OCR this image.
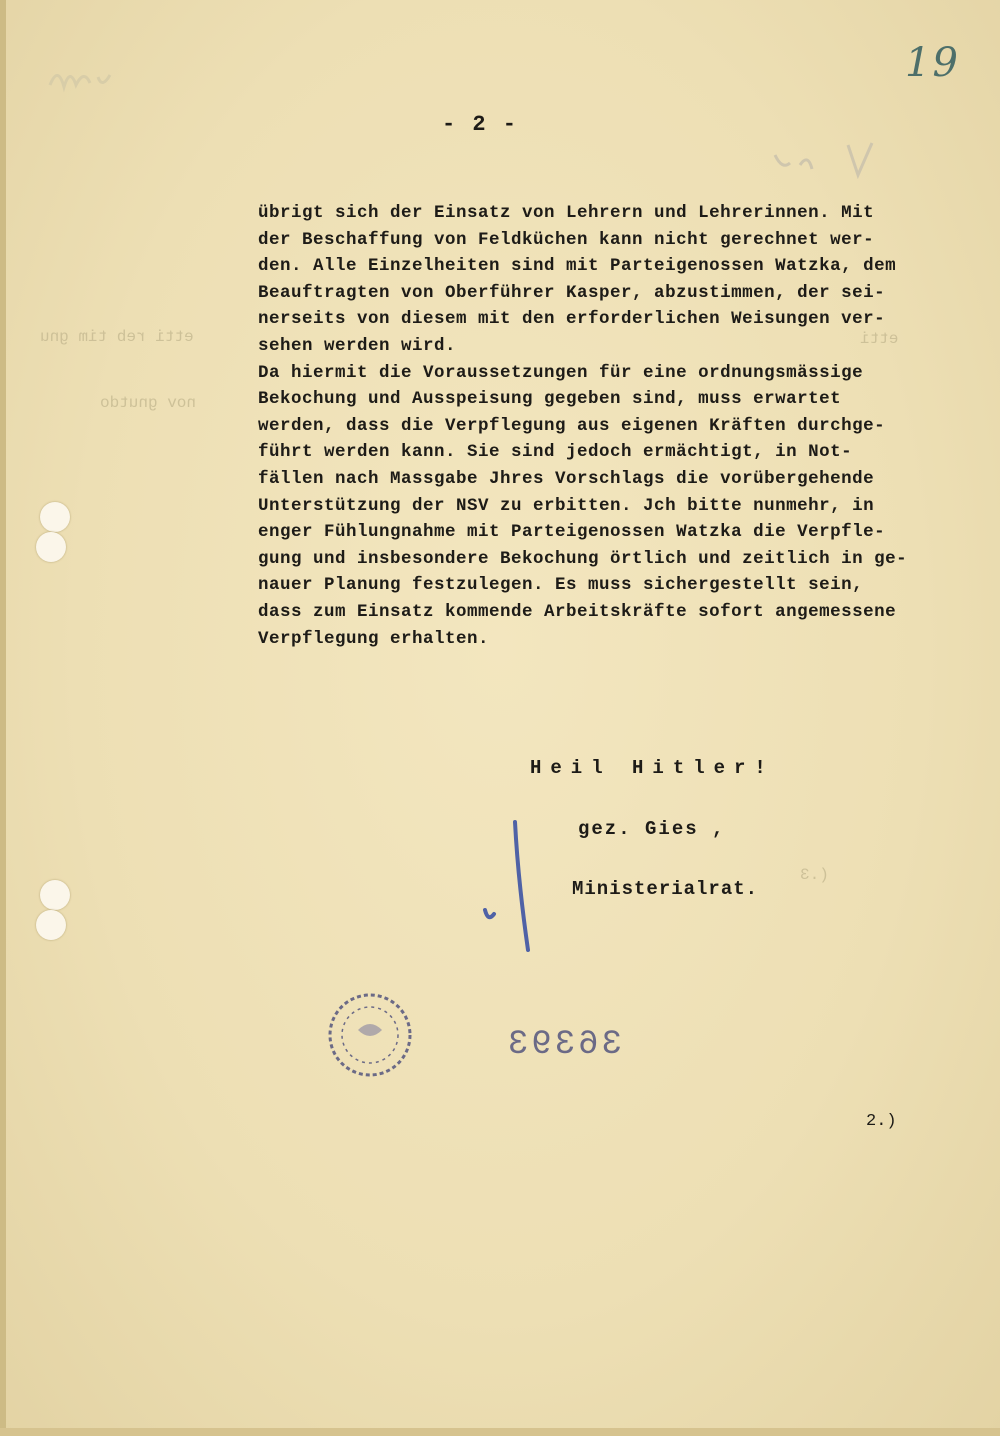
19
- 2 -
etti reb tim gnu	etti
nov gnutdo
übrigt sich der Einsatz von Lehrern und Lehrerinnen. Mit
der Beschaffung von Feldküchen kann nicht gerechnet wer-
den. Alle Einzelheiten sind mit Parteigenossen Watzka, dem
Beauftragten von Oberführer Kasper, abzustimmen, der sei-
nerseits von diesem mit den erforderlichen Weisungen ver-
sehen werden wird.
Da hiermit die Voraussetzungen für eine ordnungsmässige
Bekochung und Ausspeisung gegeben sind, muss erwartet
werden, dass die Verpflegung aus eigenen Kräften durchge-
führt werden kann. Sie sind jedoch ermächtigt, in Not-
fällen nach Massgabe Jhres Vorschlags die vorübergehende
Unterstützung der NSV zu erbitten. Jch bitte nunmehr, in
enger Fühlungnahme mit Parteigenossen Watzka die Verpfle-
gung und insbesondere Bekochung örtlich und zeitlich in ge-
nauer Planung festzulegen. Es muss sichergestellt sein,
dass zum Einsatz kommende Arbeitskräfte sofort angemessene
Verpflegung erhalten.
Heil Hitler!
gez. Gies ,
Ministerialrat.
(.3
36393
2.)
